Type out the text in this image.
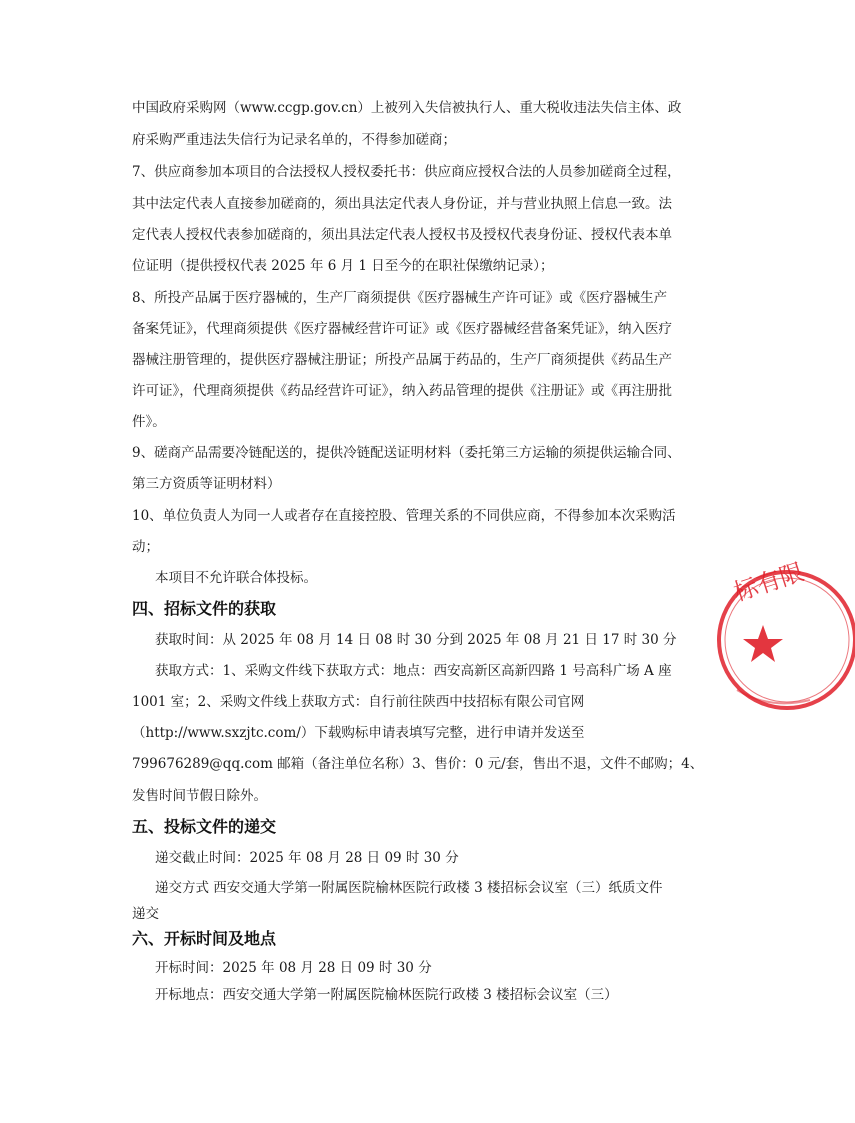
中国政府采购网（www.ccgp.gov.cn）上被列入失信被执行人、重大税收违法失信主体、政
府采购严重违法失信行为记录名单的，不得参加磋商；
7、供应商参加本项目的合法授权人授权委托书：供应商应授权合法的人员参加磋商全过程，
其中法定代表人直接参加磋商的，须出具法定代表人身份证，并与营业执照上信息一致。法
定代表人授权代表参加磋商的，须出具法定代表人授权书及授权代表身份证、授权代表本单
位证明（提供授权代表 2025 年 6 月 1 日至今的在职社保缴纳记录）；
8、所投产品属于医疗器械的，生产厂商须提供《医疗器械生产许可证》或《医疗器械生产
备案凭证》，代理商须提供《医疗器械经营许可证》或《医疗器械经营备案凭证》，纳入医疗
器械注册管理的，提供医疗器械注册证；所投产品属于药品的，生产厂商须提供《药品生产
许可证》，代理商须提供《药品经营许可证》，纳入药品管理的提供《注册证》或《再注册批
件》。
9、磋商产品需要冷链配送的，提供冷链配送证明材料（委托第三方运输的须提供运输合同、
第三方资质等证明材料）
10、单位负责人为同一人或者存在直接控股、管理关系的不同供应商，不得参加本次采购活
动；
本项目不允许联合体投标。
四、招标文件的获取
获取时间：从 2025 年 08 月 14 日 08 时 30 分到 2025 年 08 月 21 日 17 时 30 分
获取方式：1、采购文件线下获取方式：地点：西安高新区高新四路 1 号高科广场 A 座
1001 室；2、采购文件线上获取方式：自行前往陕西中技招标有限公司官网
（http://www.sxzjtc.com/）下载购标申请表填写完整，进行申请并发送至
799676289@qq.com 邮箱（备注单位名称）3、售价：0 元/套，售出不退，文件不邮购；4、
发售时间节假日除外。
五、投标文件的递交
递交截止时间：2025 年 08 月 28 日 09 时 30 分
递交方式 西安交通大学第一附属医院榆林医院行政楼 3 楼招标会议室（三）纸质文件
递交
六、开标时间及地点
开标时间：2025 年 08 月 28 日 09 时 30 分
开标地点：西安交通大学第一附属医院榆林医院行政楼 3 楼招标会议室（三）
标有限
